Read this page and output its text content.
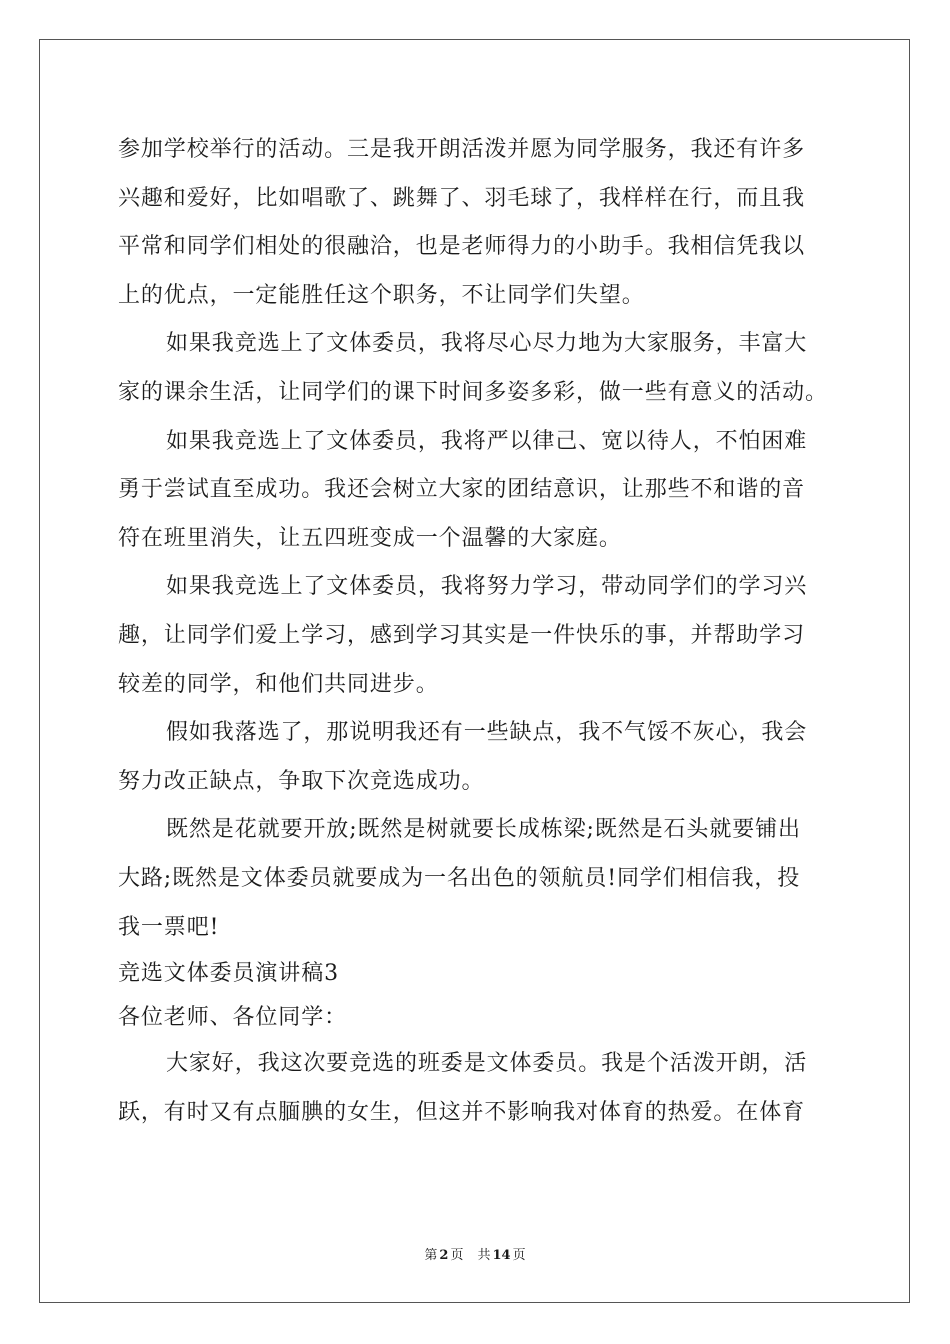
参加学校举行的活动。三是我开朗活泼并愿为同学服务，我还有许多
兴趣和爱好，比如唱歌了、跳舞了、羽毛球了，我样样在行，而且我
平常和同学们相处的很融洽，也是老师得力的小助手。我相信凭我以
上的优点，一定能胜任这个职务，不让同学们失望。
如果我竞选上了文体委员，我将尽心尽力地为大家服务，丰富大
家的课余生活，让同学们的课下时间多姿多彩，做一些有意义的活动。
如果我竞选上了文体委员，我将严以律己、宽以待人，不怕困难
勇于尝试直至成功。我还会树立大家的团结意识，让那些不和谐的音
符在班里消失，让五四班变成一个温馨的大家庭。
如果我竞选上了文体委员，我将努力学习，带动同学们的学习兴
趣，让同学们爱上学习，感到学习其实是一件快乐的事，并帮助学习
较差的同学，和他们共同进步。
假如我落选了，那说明我还有一些缺点，我不气馁不灰心，我会
努力改正缺点，争取下次竞选成功。
既然是花就要开放;既然是树就要长成栋梁;既然是石头就要铺出
大路;既然是文体委员就要成为一名出色的领航员!同学们相信我，投
我一票吧!
竞选文体委员演讲稿3
各位老师、各位同学：
大家好，我这次要竞选的班委是文体委员。我是个活泼开朗，活
跃，有时又有点腼腆的女生，但这并不影响我对体育的热爱。在体育
第 2 页 共 14 页
